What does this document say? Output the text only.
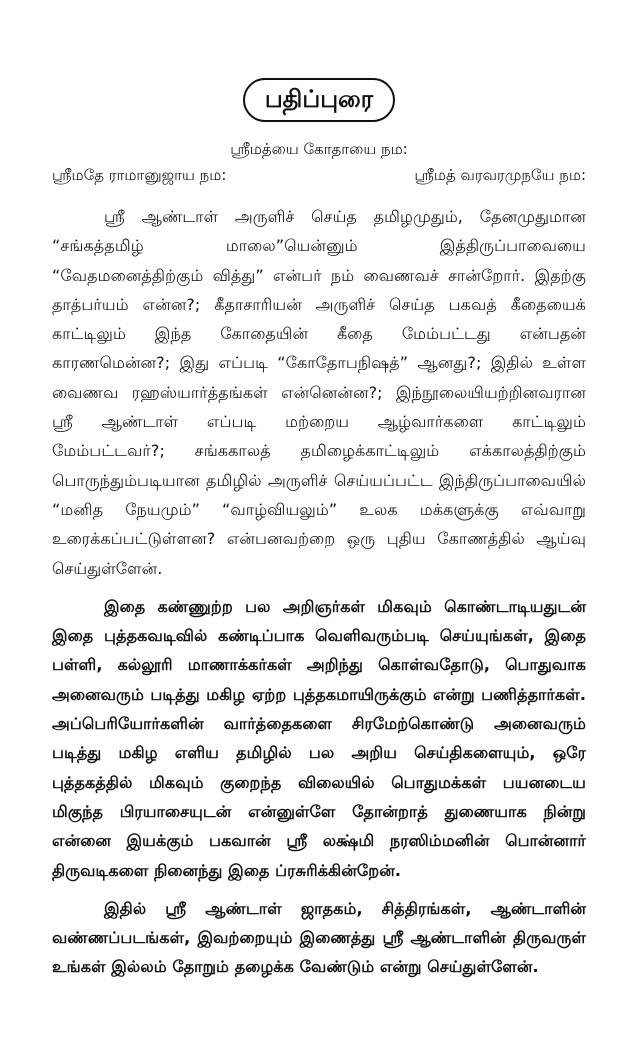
பதிப்புரை
ஸ்ரீமத்யை கோதாயை நம:
ஸ்ரீமதே ராமானுஜாய நம:	ஸ்ரீமத் வரவரமுநயே நம:

ஸ்ரீ ஆண்டாள் அருளிச் செய்த தமிழமுதும், தேனமுதுமான “சங்கத்தமிழ் மாலை”யென்னும் இத்திருப்பாவையை “வேதமனைத்திற்கும் வித்து” என்பர் நம் வைணவச் சான்றோர். இதற்கு தாத்பர்யம் என்ன?; கீதாசாரியன் அருளிச் செய்த பகவத் கீதையைக் காட்டிலும் இந்த கோதையின் கீதை மேம்பட்டது என்பதன் காரணமென்ன?; இது எப்படி “கோதோபநிஷத்” ஆனது?; இதில் உள்ள வைணவ ரஹஸ்யார்த்தங்கள் என்னென்ன?; இந்நூலையியற்றினவரான ஸ்ரீ ஆண்டாள் எப்படி மற்றைய ஆழ்வார்களை காட்டிலும் மேம்பட்டவர்?; சங்ககாலத் தமிழைக்காட்டிலும் எக்காலத்திற்கும் பொருந்தும்படியான தமிழில் அருளிச் செய்யப்பட்ட இந்திருப்பாவையில் “மனித நேயமும்” “வாழ்வியலும்” உலக மக்களுக்கு எவ்வாறு உரைக்கப்பட்டுள்ளன? என்பனவற்றை ஒரு புதிய கோணத்தில் ஆய்வு செய்துள்ளேன்.

இதை கண்ணுற்ற பல அறிஞர்கள் மிகவும் கொண்டாடியதுடன் இதை புத்தகவடிவில் கண்டிப்பாக வெளிவரும்படி செய்யுங்கள், இதை பள்ளி, கல்லூரி மாணாக்கர்கள் அறிந்து கொள்வதோடு, பொதுவாக அனைவரும் படித்து மகிழ ஏற்ற புத்தகமாயிருக்கும் என்று பணித்தார்கள். அப்பெரியோர்களின் வார்த்தைகளை சிரமேற்கொண்டு அனைவரும் படித்து மகிழ எளிய தமிழில் பல அறிய செய்திகளையும், ஒரே புத்தகத்தில் மிகவும் குறைந்த விலையில் பொதுமக்கள் பயனடைய மிகுந்த பிரயாசையுடன் என்னுள்ளே தோன்றாத் துணையாக நின்று என்னை இயக்கும் பகவான் ஸ்ரீ லக்ஷ்மி நரஸிம்மனின் பொன்னார் திருவடிகளை நினைந்து இதை ப்ரசுரிக்கின்றேன்.

இதில் ஸ்ரீ ஆண்டாள் ஜாதகம், சித்திரங்கள், ஆண்டாளின் வண்ணப்படங்கள், இவற்றையும் இணைத்து ஸ்ரீ ஆண்டாளின் திருவருள் உங்கள் இல்லம் தோறும் தழைக்க வேண்டும் என்று செய்துள்ளேன்.
